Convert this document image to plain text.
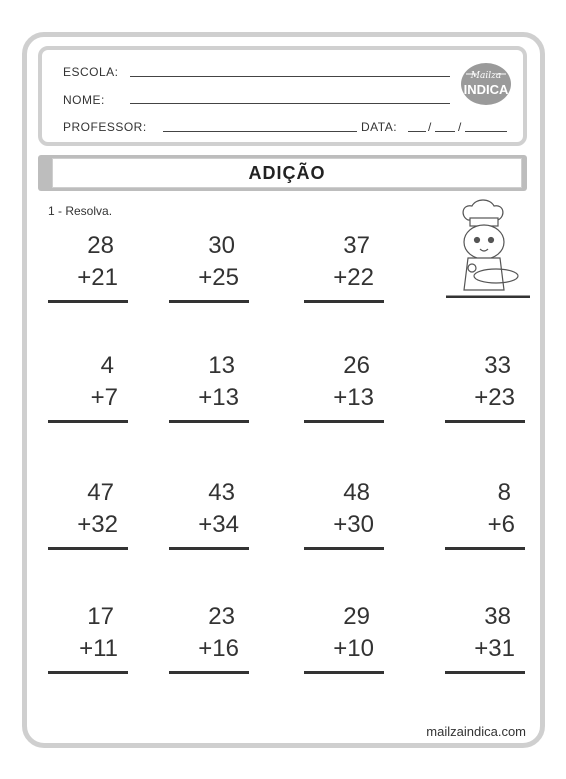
ESCOLA:
NOME:
PROFESSOR:	DATA:	/ /
Mailza
INDICA
ADIÇÃO
1 - Resolva.
28
+21
30
+25
37
+22
4
+7
13
+13
26
+13
33
+23
47
+32
43
+34
48
+30
8
+6
17
+11
23
+16
29
+10
38
+31
mailzaindica.com
